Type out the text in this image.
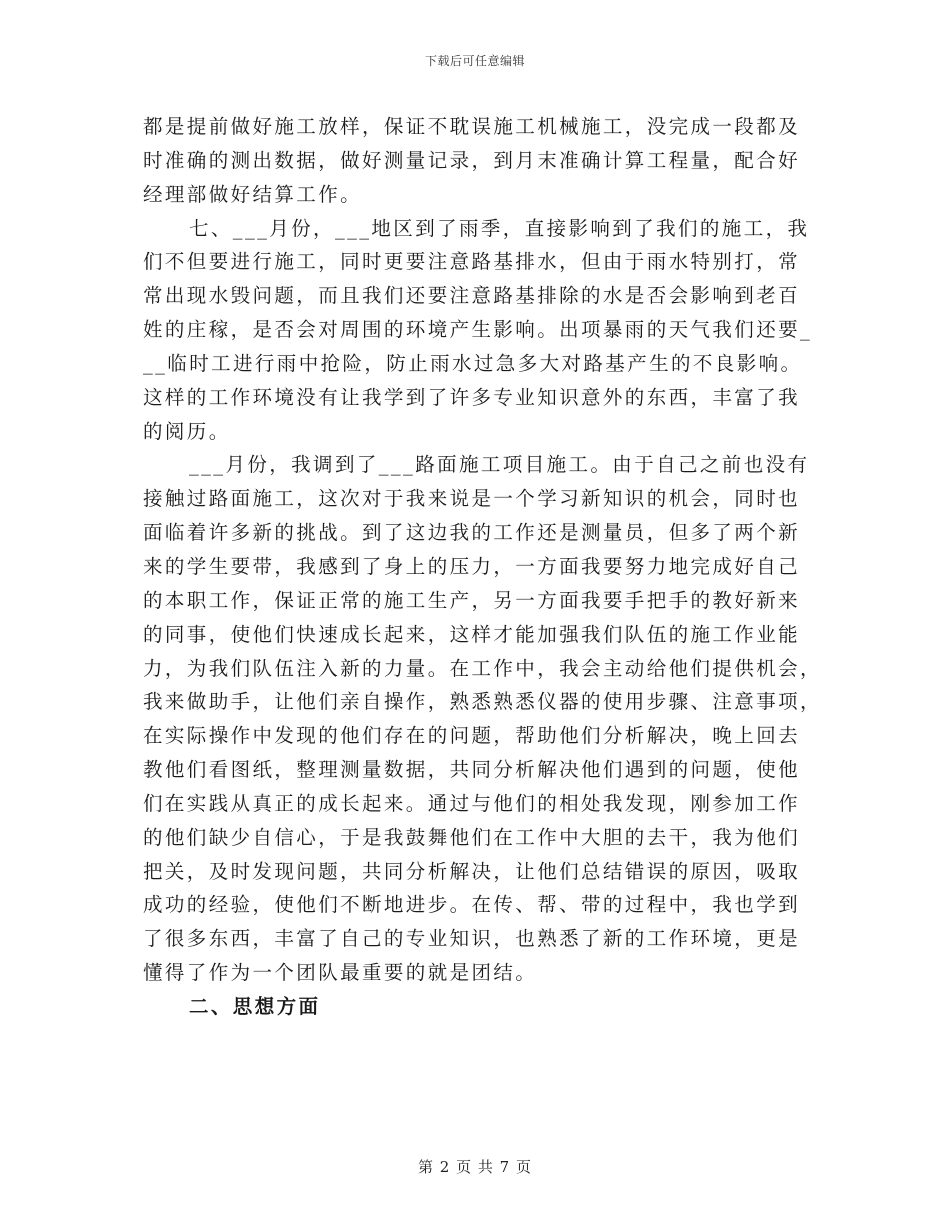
下载后可任意编辑
都是提前做好施工放样，保证不耽误施工机械施工，没完成一段都及
时准确的测出数据，做好测量记录，到月末准确计算工程量，配合好
经理部做好结算工作。
七、___月份，___地区到了雨季，直接影响到了我们的施工，我
们不但要进行施工，同时更要注意路基排水，但由于雨水特别打，常
常出现水毁问题，而且我们还要注意路基排除的水是否会影响到老百
姓的庄稼，是否会对周围的环境产生影响。出项暴雨的天气我们还要_
__临时工进行雨中抢险，防止雨水过急多大对路基产生的不良影响。
这样的工作环境没有让我学到了许多专业知识意外的东西，丰富了我
的阅历。
___月份，我调到了___路面施工项目施工。由于自己之前也没有
接触过路面施工，这次对于我来说是一个学习新知识的机会，同时也
面临着许多新的挑战。到了这边我的工作还是测量员，但多了两个新
来的学生要带，我感到了身上的压力，一方面我要努力地完成好自己
的本职工作，保证正常的施工生产，另一方面我要手把手的教好新来
的同事，使他们快速成长起来，这样才能加强我们队伍的施工作业能
力，为我们队伍注入新的力量。在工作中，我会主动给他们提供机会，
我来做助手，让他们亲自操作，熟悉熟悉仪器的使用步骤、注意事项，
在实际操作中发现的他们存在的问题，帮助他们分析解决，晚上回去
教他们看图纸，整理测量数据，共同分析解决他们遇到的问题，使他
们在实践从真正的成长起来。通过与他们的相处我发现，刚参加工作
的他们缺少自信心，于是我鼓舞他们在工作中大胆的去干，我为他们
把关，及时发现问题，共同分析解决，让他们总结错误的原因，吸取
成功的经验，使他们不断地进步。在传、帮、带的过程中，我也学到
了很多东西，丰富了自己的专业知识，也熟悉了新的工作环境，更是
懂得了作为一个团队最重要的就是团结。
二、思想方面
第 2 页 共 7 页
